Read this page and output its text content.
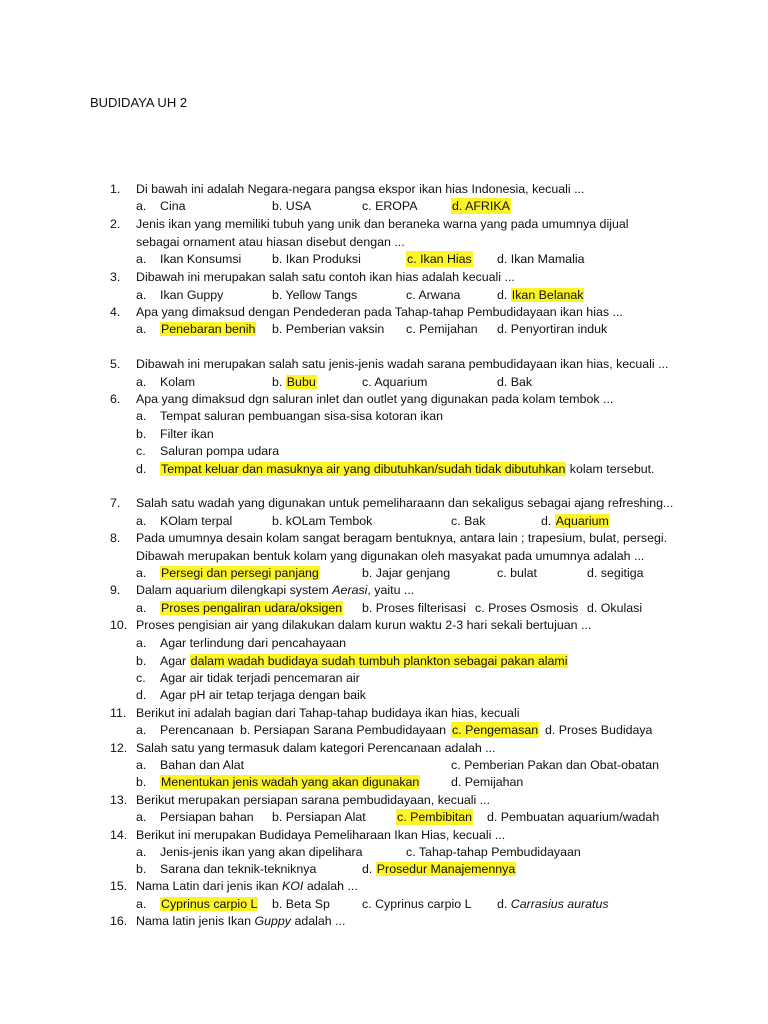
BUDIDAYA UH 2
1. Di bawah ini adalah Negara-negara pangsa ekspor ikan hias Indonesia, kecuali ...
a. Cina	b. USA	c. EROPA	d. AFRIKA
2. Jenis ikan yang memiliki tubuh yang unik dan beraneka warna yang pada umumnya dijual
sebagai ornament atau hiasan disebut dengan ...
a. Ikan Konsumsi b. Ikan Produksi	c. Ikan Hias d. Ikan Mamalia
3. Dibawah ini merupakan salah satu contoh ikan hias adalah kecuali ...
a. Ikan Guppy	b. Yellow Tangs	c. Arwana	d. Ikan Belanak
4. Apa yang dimaksud dengan Pendederan pada Tahap-tahap Pembudidayaan ikan hias ...
a. Penebaran benih b. Pemberian vaksin c. Pemijahan d. Penyortiran induk
5. Dibawah ini merupakan salah satu jenis-jenis wadah sarana pembudidayaan ikan hias, kecuali ...
a. Kolam	b. Bubu	c. Aquarium	d. Bak
6. Apa yang dimaksud dgn saluran inlet dan outlet yang digunakan pada kolam tembok ...
a. Tempat saluran pembuangan sisa-sisa kotoran ikan
b. Filter ikan
c. Saluran pompa udara
d. Tempat keluar dan masuknya air yang dibutuhkan/sudah tidak dibutuhkan kolam tersebut.
7. Salah satu wadah yang digunakan untuk pemeliharaann dan sekaligus sebagai ajang refreshing...
a. KOlam terpal	b. kOLam Tembok	c. Bak	d. Aquarium
8. Pada umumnya desain kolam sangat beragam bentuknya, antara lain ; trapesium, bulat, persegi.
Dibawah merupakan bentuk kolam yang digunakan oleh masyakat pada umumnya adalah ...
a. Persegi dan persegi panjang	b. Jajar genjang	c. bulat	d. segitiga
9. Dalam aquarium dilengkapi system Aerasi, yaitu ...
a. Proses pengaliran udara/oksigen b. Proses filterisasi c. Proses Osmosis d. Okulasi
10. Proses pengisian air yang dilakukan dalam kurun waktu 2-3 hari sekali bertujuan ...
a. Agar terlindung dari pencahayaan
b. Agar dalam wadah budidaya sudah tumbuh plankton sebagai pakan alami
c. Agar air tidak terjadi pencemaran air
d. Agar pH air tetap terjaga dengan baik
11. Berikut ini adalah bagian dari Tahap-tahap budidaya ikan hias, kecuali
a. Perencanaan b. Persiapan Sarana Pembudidayaan c. Pengemasan d. Proses Budidaya
12. Salah satu yang termasuk dalam kategori Perencanaan adalah ...
a. Bahan dan Alat	c. Pemberian Pakan dan Obat-obatan
b. Menentukan jenis wadah yang akan digunakan	d. Pemijahan
13. Berikut merupakan persiapan sarana pembudidayaan, kecuali ...
a. Persiapan bahan b. Persiapan Alat	c. Pembibitan d. Pembuatan aquarium/wadah
14. Berikut ini merupakan Budidaya Pemeliharaan Ikan Hias, kecuali ...
a. Jenis-jenis ikan yang akan dipelihara	c. Tahap-tahap Pembudidayaan
b. Sarana dan teknik-tekniknya	d. Prosedur Manajemennya
15. Nama Latin dari jenis ikan KOI adalah ...
a. Cyprinus carpio L b. Beta Sp	c. Cyprinus carpio L d. Carrasius auratus
16. Nama latin jenis Ikan Guppy adalah ...
